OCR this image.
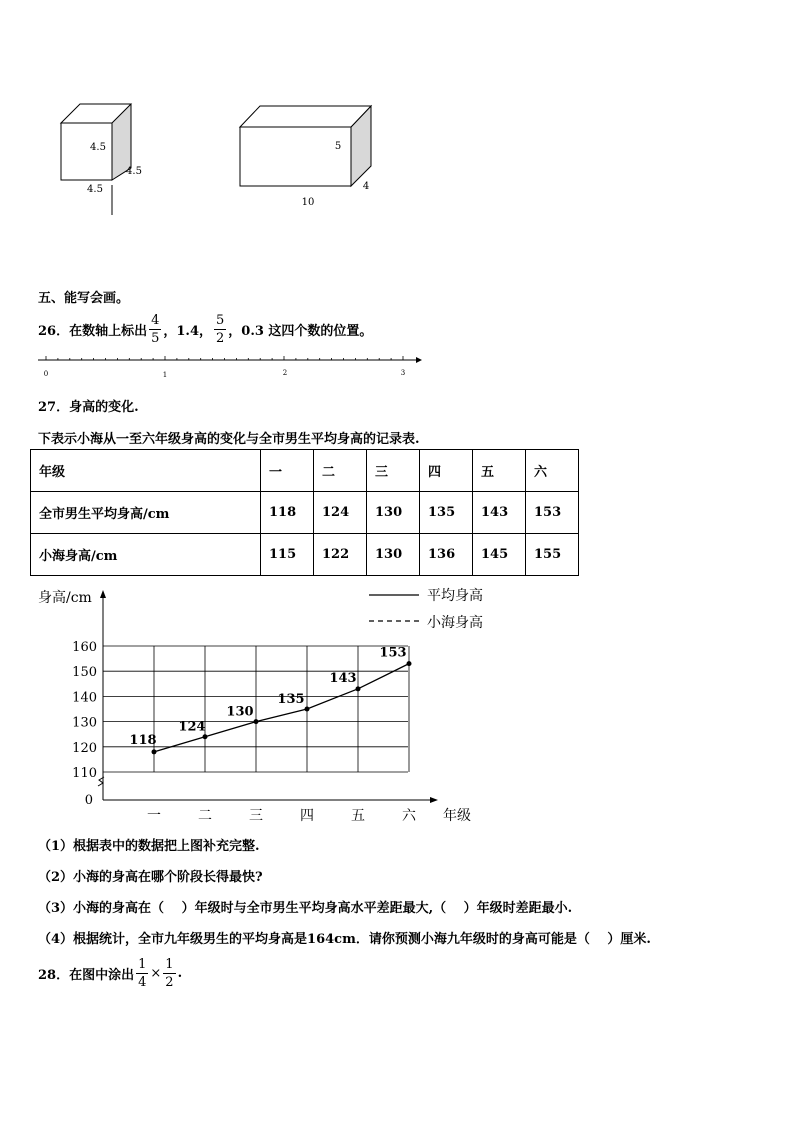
4.5
4.5
4.5
5
4
10
五、能写会画。
26．在数轴上标出 $\frac{4}{5}$ ，1.4， $\frac{5}{2}$ ，0.3 这四个数的位置。
0	1	2	3
27．身高的变化.
下表示小海从一至六年级身高的变化与全市男生平均身高的记录表.
年级	一	二	三	四	五	六
全市男生平均身高/cm	118	124	130	135	143	153
小海身高/cm	115	122	130	136	145	155
0
110
120
130
140
150
160
一	二	三	四	五	六 年级
身高/cm	平均身高
小海身高
118
124
130
135
143
153
（1）根据表中的数据把上图补充完整.
（2）小海的身高在哪个阶段长得最快?
（3）小海的身高在（　 ）年级时与全市男生平均身高水平差距最大,（　 ）年级时差距最小.
（4）根据统计，全市九年级男生的平均身高是164cm．请你预测小海九年级时的身高可能是（　 ）厘米.
28．在图中涂出 $\frac{1}{4} \times \frac{1}{2}$ .
